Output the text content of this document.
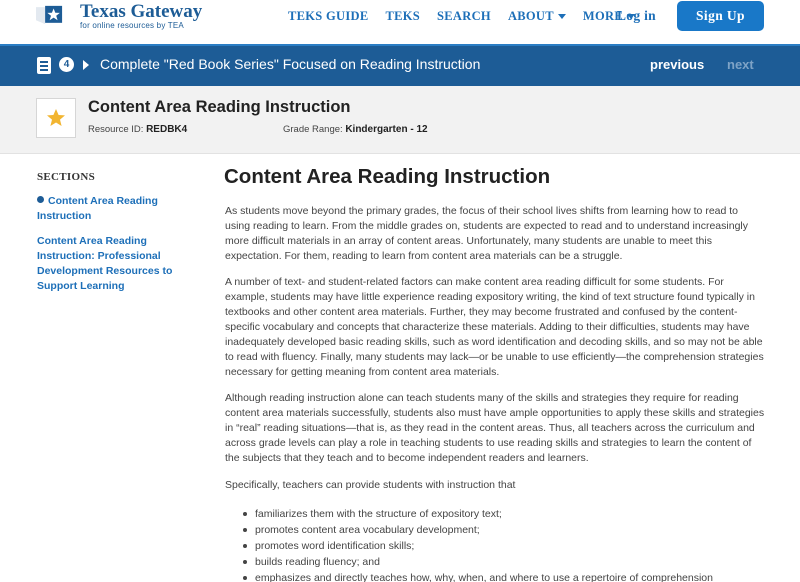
Texas Gateway
for online resources by TEA
TEKS GUIDE TEKS SEARCH ABOUT MORE
Log in	Sign Up
4	Complete "Red Book Series" Focused on Reading Instruction	previous next
Content Area Reading Instruction
Resource ID: REDBK4	Grade Range: Kindergarten - 12
SECTIONS
Content Area Reading Instruction
Content Area Reading Instruction: Professional Development Resources to Support Learning
Content Area Reading Instruction

As students move beyond the primary grades, the focus of their school lives shifts from learning how to read to using reading to learn. From the middle grades on, students are expected to read and to understand increasingly more difficult materials in an array of content areas. Unfortunately, many students are unable to meet this expectation. For them, reading to learn from content area materials can be a struggle.

A number of text- and student-related factors can make content area reading difficult for some students. For example, students may have little experience reading expository writing, the kind of text structure found typically in textbooks and other content area materials. Further, they may become frustrated and confused by the content-specific vocabulary and concepts that characterize these materials. Adding to their difficulties, students may have inadequately developed basic reading skills, such as word identification and decoding skills, and so may not be able to read with fluency. Finally, many students may lack—or be unable to use efficiently—the comprehension strategies necessary for getting meaning from content area materials.

Although reading instruction alone can teach students many of the skills and strategies they require for reading content area materials successfully, students also must have ample opportunities to apply these skills and strategies in “real” reading situations—that is, as they read in the content areas. Thus, all teachers across the curriculum and across grade levels can play a role in teaching students to use reading skills and strategies to learn the content of the subjects that they teach and to become independent readers and learners.

Specifically, teachers can provide students with instruction that

familiarizes them with the structure of expository text;
promotes content area vocabulary development;
promotes word identification skills;
builds reading fluency; and
emphasizes and directly teaches how, why, when, and where to use a repertoire of comprehension
